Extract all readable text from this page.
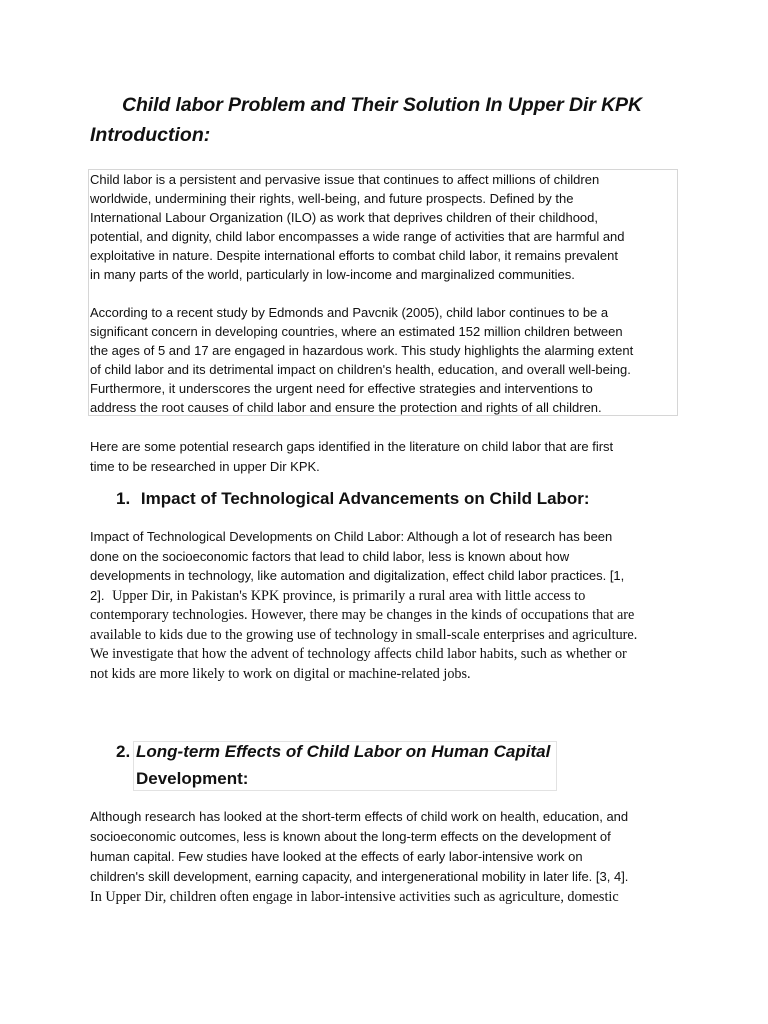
Child labor Problem and Their Solution In Upper Dir KPK
Introduction:
Child labor is a persistent and pervasive issue that continues to affect millions of children
worldwide, undermining their rights, well-being, and future prospects. Defined by the
International Labour Organization (ILO) as work that deprives children of their childhood,
potential, and dignity, child labor encompasses a wide range of activities that are harmful and
exploitative in nature. Despite international efforts to combat child labor, it remains prevalent
in many parts of the world, particularly in low-income and marginalized communities.
According to a recent study by Edmonds and Pavcnik (2005), child labor continues to be a
significant concern in developing countries, where an estimated 152 million children between
the ages of 5 and 17 are engaged in hazardous work. This study highlights the alarming extent
of child labor and its detrimental impact on children's health, education, and overall well-being.
Furthermore, it underscores the urgent need for effective strategies and interventions to
address the root causes of child labor and ensure the protection and rights of all children.
Here are some potential research gaps identified in the literature on child labor that are first
time to be researched in upper Dir KPK.
1. Impact of Technological Advancements on Child Labor:
Impact of Technological Developments on Child Labor: Although a lot of research has been
done on the socioeconomic factors that lead to child labor, less is known about how
developments in technology, like automation and digitalization, effect child labor practices. [1,
2]. Upper Dir, in Pakistan's KPK province, is primarily a rural area with little access to
contemporary technologies. However, there may be changes in the kinds of occupations that are
available to kids due to the growing use of technology in small-scale enterprises and agriculture.
We investigate that how the advent of technology affects child labor habits, such as whether or
not kids are more likely to work on digital or machine-related jobs.
2. Long-term Effects of Child Labor on Human Capital
Development:
Although research has looked at the short-term effects of child work on health, education, and
socioeconomic outcomes, less is known about the long-term effects on the development of
human capital. Few studies have looked at the effects of early labor-intensive work on
children's skill development, earning capacity, and intergenerational mobility in later life. [3, 4].
In Upper Dir, children often engage in labor-intensive activities such as agriculture, domestic
